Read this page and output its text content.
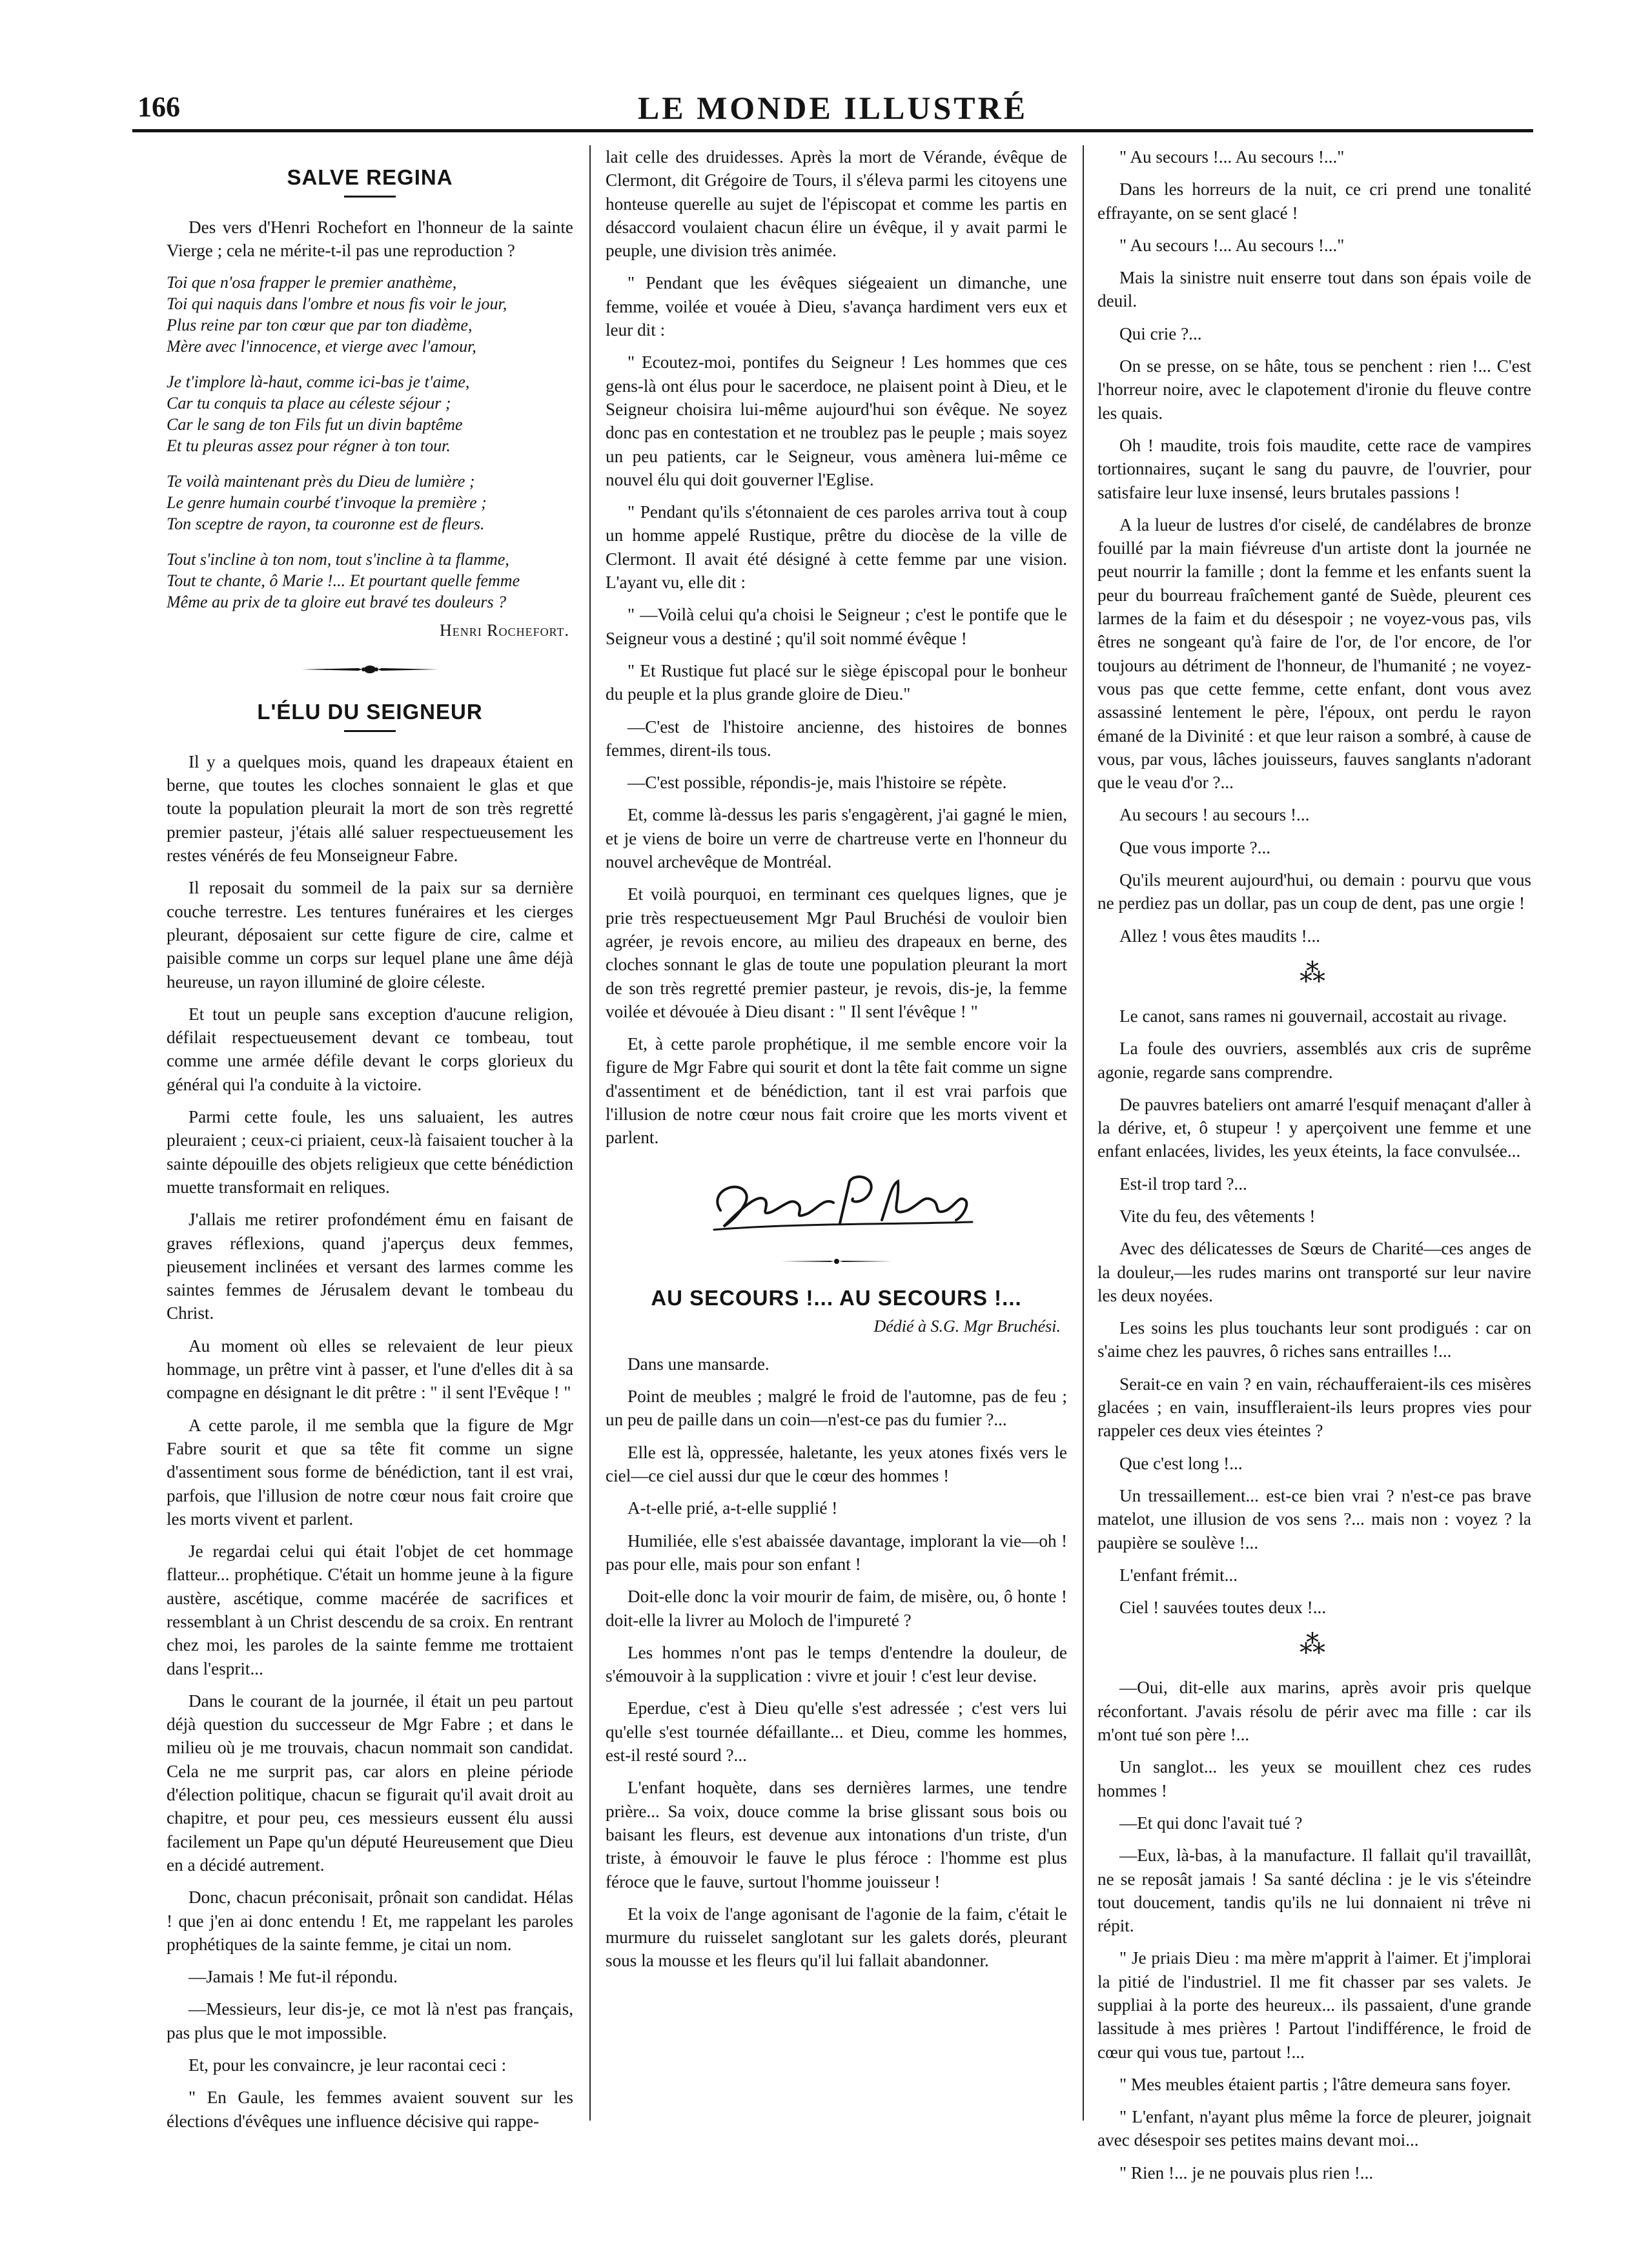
166	LE MONDE ILLUSTRÉ
SALVE REGINA

Des vers d'Henri Rochefort en l'honneur de la sainte Vierge ; cela ne mérite-t-il pas une reproduction ?

Toi que n'osa frapper le premier anathème,
Toi qui naquis dans l'ombre et nous fis voir le jour,
Plus reine par ton cœur que par ton diadème,
Mère avec l'innocence, et vierge avec l'amour,
Je t'implore là-haut, comme ici-bas je t'aime,
Car tu conquis ta place au céleste séjour ;
Car le sang de ton Fils fut un divin baptême
Et tu pleuras assez pour régner à ton tour.
Te voilà maintenant près du Dieu de lumière ;
Le genre humain courbé t'invoque la première ;
Ton sceptre de rayon, ta couronne est de fleurs.
Tout s'incline à ton nom, tout s'incline à ta flamme,
Tout te chante, ô Marie !... Et pourtant quelle femme
Même au prix de ta gloire eut bravé tes douleurs ?
Henri Rochefort.
L'ÉLU DU SEIGNEUR

Il y a quelques mois, quand les drapeaux étaient en berne, que toutes les cloches sonnaient le glas et que toute la population pleurait la mort de son très regretté premier pasteur, j'étais allé saluer respectueusement les restes vénérés de feu Monseigneur Fabre.

Il reposait du sommeil de la paix sur sa dernière couche terrestre. Les tentures funéraires et les cierges pleurant, déposaient sur cette figure de cire, calme et paisible comme un corps sur lequel plane une âme déjà heureuse, un rayon illuminé de gloire céleste.

Et tout un peuple sans exception d'aucune religion, défilait respectueusement devant ce tombeau, tout comme une armée défile devant le corps glorieux du général qui l'a conduite à la victoire.

Parmi cette foule, les uns saluaient, les autres pleuraient ; ceux-ci priaient, ceux-là faisaient toucher à la sainte dépouille des objets religieux que cette bénédiction muette transformait en reliques.

J'allais me retirer profondément ému en faisant de graves réflexions, quand j'aperçus deux femmes, pieusement inclinées et versant des larmes comme les saintes femmes de Jérusalem devant le tombeau du Christ.

Au moment où elles se relevaient de leur pieux hommage, un prêtre vint à passer, et l'une d'elles dit à sa compagne en désignant le dit prêtre : " il sent l'Evêque ! "

A cette parole, il me sembla que la figure de Mgr Fabre sourit et que sa tête fit comme un signe d'assentiment sous forme de bénédiction, tant il est vrai, parfois, que l'illusion de notre cœur nous fait croire que les morts vivent et parlent.

Je regardai celui qui était l'objet de cet hommage flatteur... prophétique. C'était un homme jeune à la figure austère, ascétique, comme macérée de sacrifices et ressemblant à un Christ descendu de sa croix. En rentrant chez moi, les paroles de la sainte femme me trottaient dans l'esprit...

Dans le courant de la journée, il était un peu partout déjà question du successeur de Mgr Fabre ; et dans le milieu où je me trouvais, chacun nommait son candidat. Cela ne me surprit pas, car alors en pleine période d'élection politique, chacun se figurait qu'il avait droit au chapitre, et pour peu, ces messieurs eussent élu aussi facilement un Pape qu'un député Heureusement que Dieu en a décidé autrement.

Donc, chacun préconisait, prônait son candidat. Hélas ! que j'en ai donc entendu ! Et, me rappelant les paroles prophétiques de la sainte femme, je citai un nom.

—Jamais ! Me fut-il répondu.

—Messieurs, leur dis-je, ce mot là n'est pas français, pas plus que le mot impossible.

Et, pour les convaincre, je leur racontai ceci :

" En Gaule, les femmes avaient souvent sur les élections d'évêques une influence décisive qui rappe-

lait celle des druidesses. Après la mort de Vérande, évêque de Clermont, dit Grégoire de Tours, il s'éleva parmi les citoyens une honteuse querelle au sujet de l'épiscopat et comme les partis en désaccord voulaient chacun élire un évêque, il y avait parmi le peuple, une division très animée.

" Pendant que les évêques siégeaient un dimanche, une femme, voilée et vouée à Dieu, s'avança hardiment vers eux et leur dit :

" Ecoutez-moi, pontifes du Seigneur ! Les hommes que ces gens-là ont élus pour le sacerdoce, ne plaisent point à Dieu, et le Seigneur choisira lui-même aujourd'hui son évêque. Ne soyez donc pas en contestation et ne troublez pas le peuple ; mais soyez un peu patients, car le Seigneur, vous amènera lui-même ce nouvel élu qui doit gouverner l'Eglise.

" Pendant qu'ils s'étonnaient de ces paroles arriva tout à coup un homme appelé Rustique, prêtre du diocèse de la ville de Clermont. Il avait été désigné à cette femme par une vision. L'ayant vu, elle dit :

" —Voilà celui qu'a choisi le Seigneur ; c'est le pontife que le Seigneur vous a destiné ; qu'il soit nommé évêque !

" Et Rustique fut placé sur le siège épiscopal pour le bonheur du peuple et la plus grande gloire de Dieu."

—C'est de l'histoire ancienne, des histoires de bonnes femmes, dirent-ils tous.

—C'est possible, répondis-je, mais l'histoire se répète.

Et, comme là-dessus les paris s'engagèrent, j'ai gagné le mien, et je viens de boire un verre de chartreuse verte en l'honneur du nouvel archevêque de Montréal.

Et voilà pourquoi, en terminant ces quelques lignes, que je prie très respectueusement Mgr Paul Bruchési de vouloir bien agréer, je revois encore, au milieu des drapeaux en berne, des cloches sonnant le glas de toute une population pleurant la mort de son très regretté premier pasteur, je revois, dis-je, la femme voilée et dévouée à Dieu disant : " Il sent l'évêque ! "

Et, à cette parole prophétique, il me semble encore voir la figure de Mgr Fabre qui sourit et dont la tête fait comme un signe d'assentiment et de bénédiction, tant il est vrai parfois que l'illusion de notre cœur nous fait croire que les morts vivent et parlent.

AU SECOURS !... AU SECOURS !...
Dédié à S.G. Mgr Bruchési.

Dans une mansarde.

Point de meubles ; malgré le froid de l'automne, pas de feu ; un peu de paille dans un coin—n'est-ce pas du fumier ?...

Elle est là, oppressée, haletante, les yeux atones fixés vers le ciel—ce ciel aussi dur que le cœur des hommes !

A-t-elle prié, a-t-elle supplié !

Humiliée, elle s'est abaissée davantage, implorant la vie—oh ! pas pour elle, mais pour son enfant !

Doit-elle donc la voir mourir de faim, de misère, ou, ô honte ! doit-elle la livrer au Moloch de l'impureté ?

Les hommes n'ont pas le temps d'entendre la douleur, de s'émouvoir à la supplication : vivre et jouir ! c'est leur devise.

Eperdue, c'est à Dieu qu'elle s'est adressée ; c'est vers lui qu'elle s'est tournée défaillante... et Dieu, comme les hommes, est-il resté sourd ?...

L'enfant hoquète, dans ses dernières larmes, une tendre prière... Sa voix, douce comme la brise glissant sous bois ou baisant les fleurs, est devenue aux intonations d'un triste, d'un triste, à émouvoir le fauve le plus féroce : l'homme est plus féroce que le fauve, surtout l'homme jouisseur !

Et la voix de l'ange agonisant de l'agonie de la faim, c'était le murmure du ruisselet sanglotant sur les galets dorés, pleurant sous la mousse et les fleurs qu'il lui fallait abandonner.

" Au secours !... Au secours !..."

Dans les horreurs de la nuit, ce cri prend une tonalité effrayante, on se sent glacé !

" Au secours !... Au secours !..."

Mais la sinistre nuit enserre tout dans son épais voile de deuil.

Qui crie ?...

On se presse, on se hâte, tous se penchent : rien !... C'est l'horreur noire, avec le clapotement d'ironie du fleuve contre les quais.

Oh ! maudite, trois fois maudite, cette race de vampires tortionnaires, suçant le sang du pauvre, de l'ouvrier, pour satisfaire leur luxe insensé, leurs brutales passions !

A la lueur de lustres d'or ciselé, de candélabres de bronze fouillé par la main fiévreuse d'un artiste dont la journée ne peut nourrir la famille ; dont la femme et les enfants suent la peur du bourreau fraîchement ganté de Suède, pleurent ces larmes de la faim et du désespoir ; ne voyez-vous pas, vils êtres ne songeant qu'à faire de l'or, de l'or encore, de l'or toujours au détriment de l'honneur, de l'humanité ; ne voyez-vous pas que cette femme, cette enfant, dont vous avez assassiné lentement le père, l'époux, ont perdu le rayon émané de la Divinité : et que leur raison a sombré, à cause de vous, par vous, lâches jouisseurs, fauves sanglants n'adorant que le veau d'or ?...

Au secours ! au secours !...

Que vous importe ?...

Qu'ils meurent aujourd'hui, ou demain : pourvu que vous ne perdiez pas un dollar, pas un coup de dent, pas une orgie !

Allez ! vous êtes maudits !...

⁂

Le canot, sans rames ni gouvernail, accostait au rivage.

La foule des ouvriers, assemblés aux cris de suprême agonie, regarde sans comprendre.

De pauvres bateliers ont amarré l'esquif menaçant d'aller à la dérive, et, ô stupeur ! y aperçoivent une femme et une enfant enlacées, livides, les yeux éteints, la face convulsée...

Est-il trop tard ?...

Vite du feu, des vêtements !

Avec des délicatesses de Sœurs de Charité—ces anges de la douleur,—les rudes marins ont transporté sur leur navire les deux noyées.

Les soins les plus touchants leur sont prodigués : car on s'aime chez les pauvres, ô riches sans entrailles !...

Serait-ce en vain ? en vain, réchaufferaient-ils ces misères glacées ; en vain, insuffleraient-ils leurs propres vies pour rappeler ces deux vies éteintes ?

Que c'est long !...

Un tressaillement... est-ce bien vrai ? n'est-ce pas brave matelot, une illusion de vos sens ?... mais non : voyez ? la paupière se soulève !...

L'enfant frémit...

Ciel ! sauvées toutes deux !...

⁂

—Oui, dit-elle aux marins, après avoir pris quelque réconfortant. J'avais résolu de périr avec ma fille : car ils m'ont tué son père !...

Un sanglot... les yeux se mouillent chez ces rudes hommes !

—Et qui donc l'avait tué ?

—Eux, là-bas, à la manufacture. Il fallait qu'il travaillât, ne se reposât jamais ! Sa santé déclina : je le vis s'éteindre tout doucement, tandis qu'ils ne lui donnaient ni trêve ni répit.

" Je priais Dieu : ma mère m'apprit à l'aimer. Et j'implorai la pitié de l'industriel. Il me fit chasser par ses valets. Je suppliai à la porte des heureux... ils passaient, d'une grande lassitude à mes prières ! Partout l'indifférence, le froid de cœur qui vous tue, partout !...

" Mes meubles étaient partis ; l'âtre demeura sans foyer.

" L'enfant, n'ayant plus même la force de pleurer, joignait avec désespoir ses petites mains devant moi...

" Rien !... je ne pouvais plus rien !...
